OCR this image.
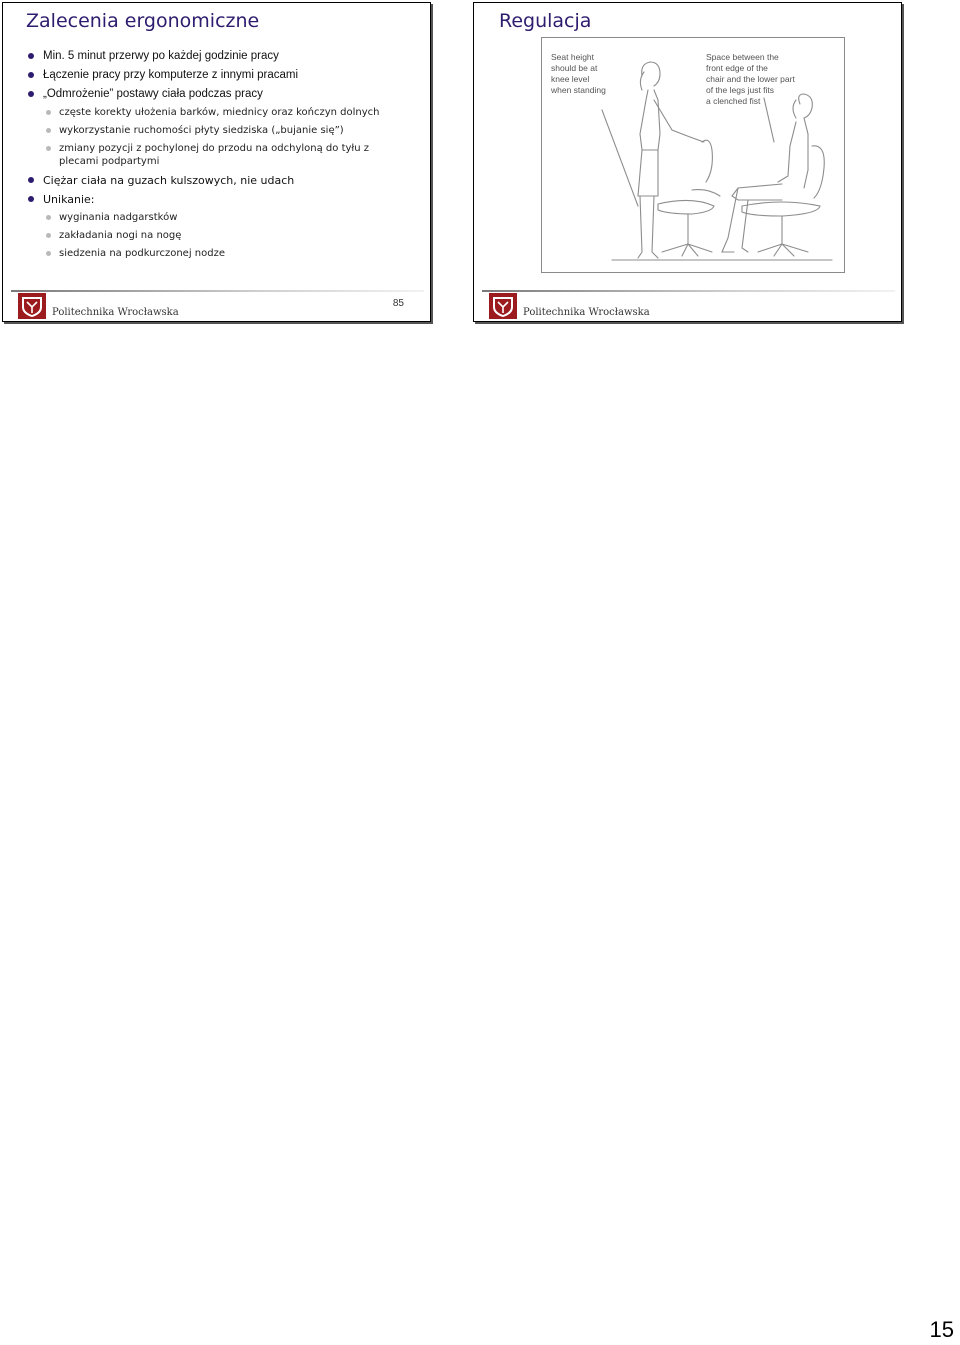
Zalecenia ergonomiczne
Min. 5 minut przerwy po każdej godzinie pracy
Łączenie pracy przy komputerze z innymi pracami
„Odmrożenie” postawy ciała podczas pracy
częste korekty ułożenia barków, miednicy oraz kończyn dolnych
wykorzystanie ruchomości płyty siedziska („bujanie się”)
zmiany pozycji z pochylonej do przodu na odchyloną do tyłu z plecami podpartymi
Ciężar ciała na guzach kulszowych, nie udach
Unikanie:
wyginania nadgarstków
zakładania nogi na nogę
siedzenia na podkurczonej nodze
Politechnika Wrocławska
85
Regulacja
Seat height
should be at
knee level
when standing
Space between the
front edge of the
chair and the lower part
of the legs just fits
a clenched fist
Politechnika Wrocławska
15
